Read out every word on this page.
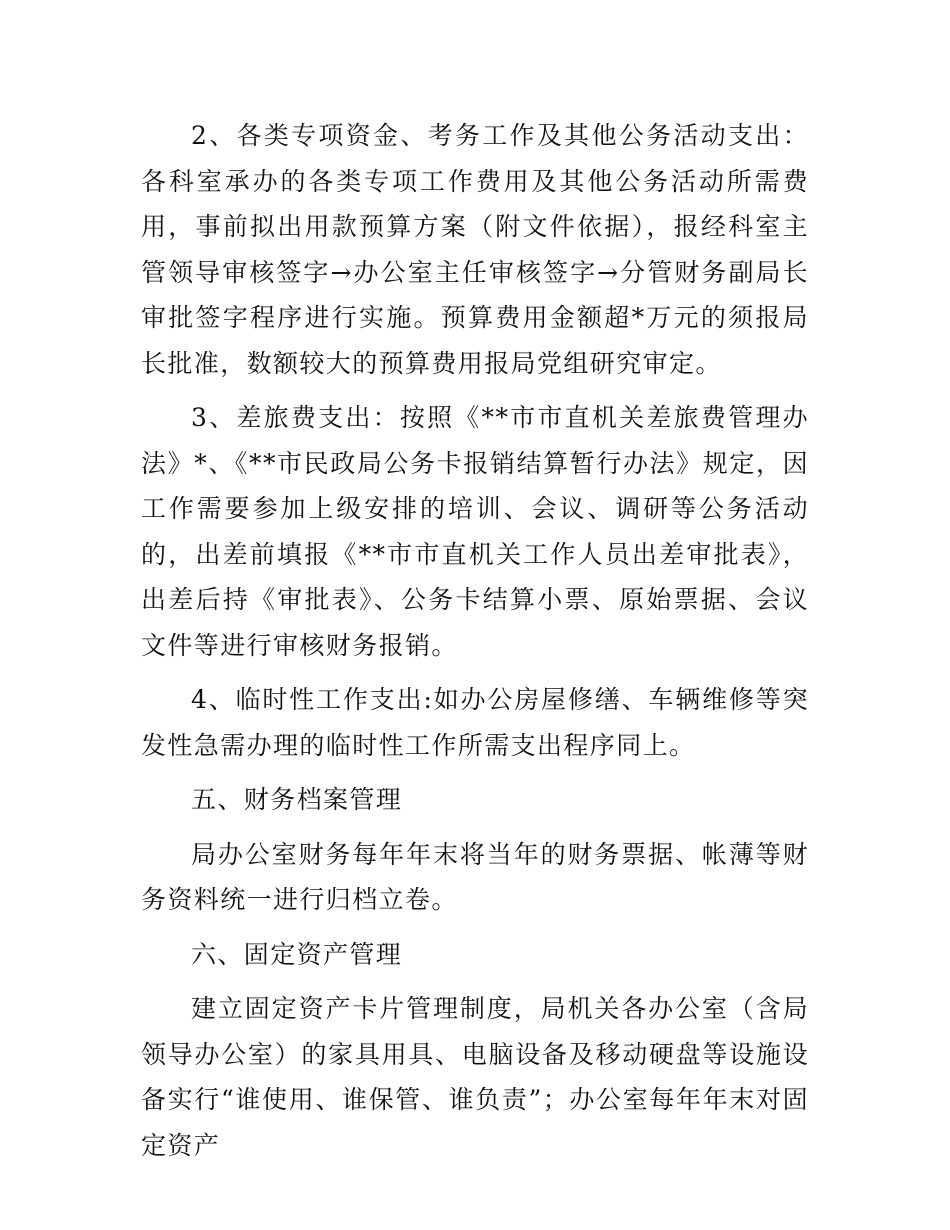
2、各类专项资金、考务工作及其他公务活动支出：各科室承办的各类专项工作费用及其他公务活动所需费用，事前拟出用款预算方案（附文件依据），报经科室主管领导审核签字→办公室主任审核签字→分管财务副局长审批签字程序进行实施。预算费用金额超*万元的须报局长批准，数额较大的预算费用报局党组研究审定。

3、差旅费支出：按照《**市市直机关差旅费管理办法》*、《**市民政局公务卡报销结算暂行办法》规定，因工作需要参加上级安排的培训、会议、调研等公务活动的，出差前填报《**市市直机关工作人员出差审批表》，出差后持《审批表》、公务卡结算小票、原始票据、会议文件等进行审核财务报销。

4、临时性工作支出:如办公房屋修缮、车辆维修等突发性急需办理的临时性工作所需支出程序同上。

五、财务档案管理

局办公室财务每年年末将当年的财务票据、帐薄等财务资料统一进行归档立卷。

六、固定资产管理

建立固定资产卡片管理制度，局机关各办公室（含局领导办公室）的家具用具、电脑设备及移动硬盘等设施设备实行“谁使用、谁保管、谁负责”；办公室每年年末对固定资产
